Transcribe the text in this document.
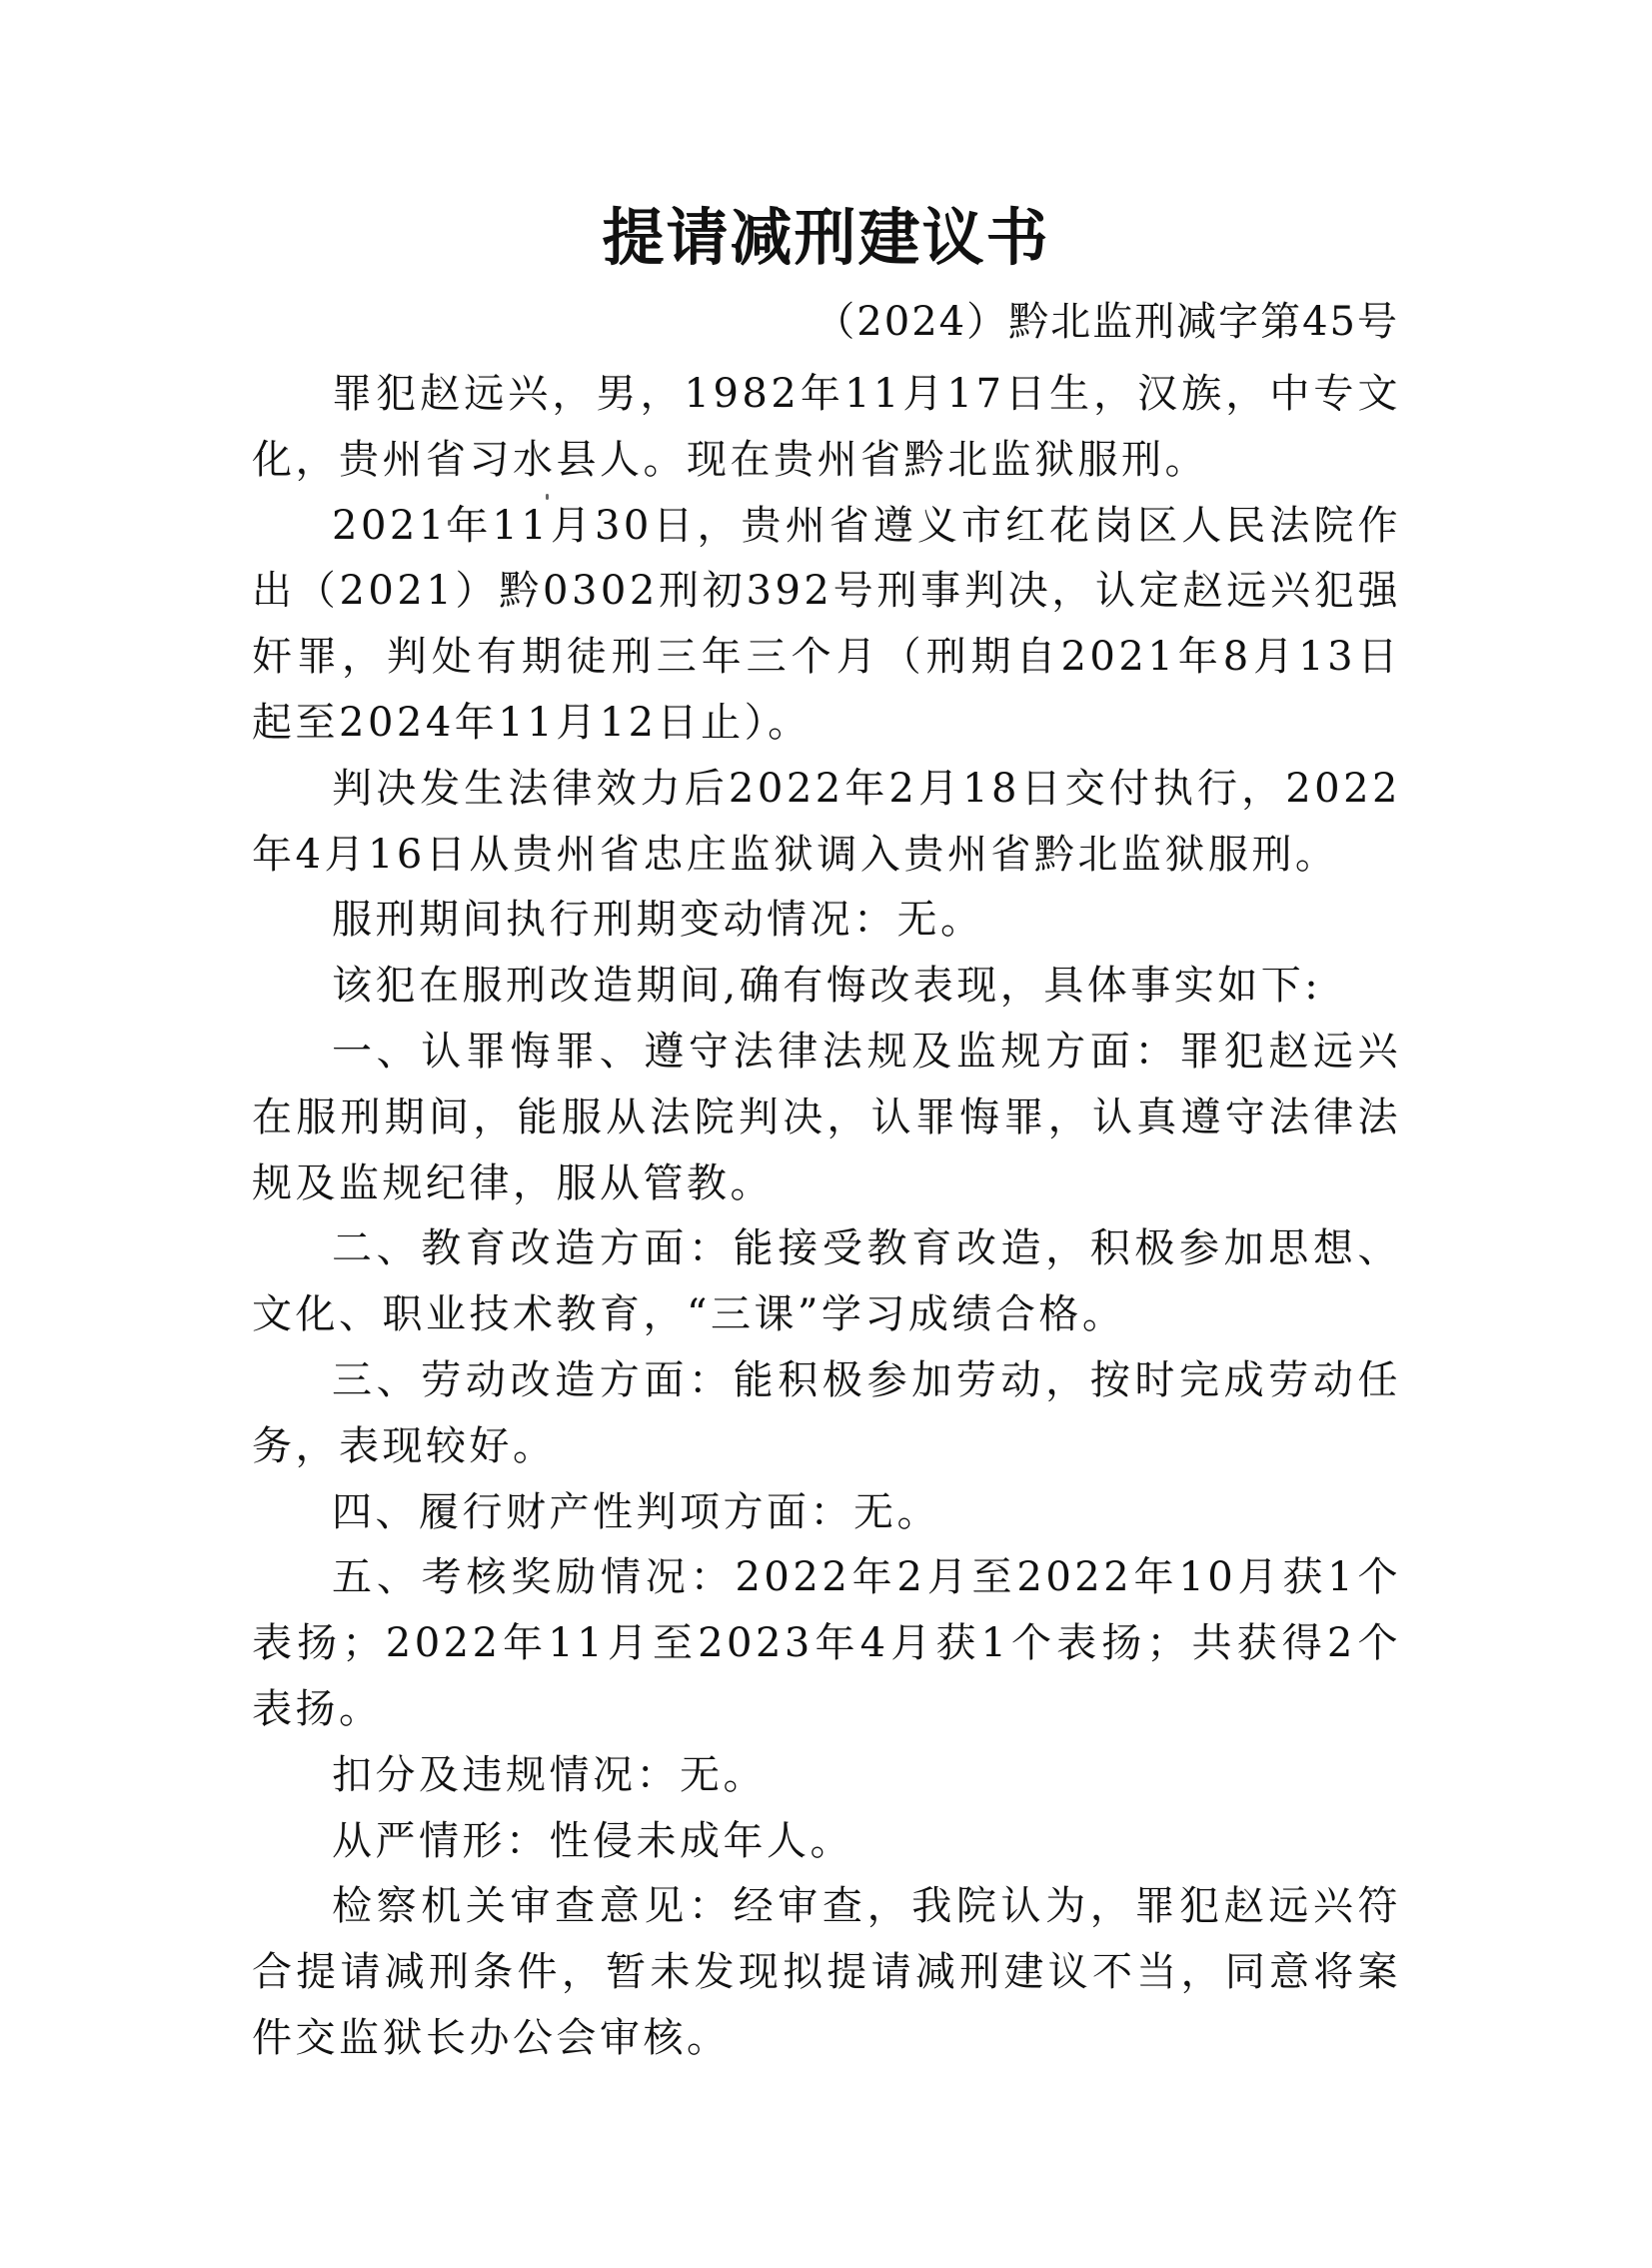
提请减刑建议书
（2024）黔北监刑减字第45号

罪犯赵远兴，男，1982年11月17日生，汉族，中专文化，贵州省习水县人。现在贵州省黔北监狱服刑。

2021年11月30日，贵州省遵义市红花岗区人民法院作出（2021）黔0302刑初392号刑事判决，认定赵远兴犯强奸罪，判处有期徒刑三年三个月（刑期自2021年8月13日起至2024年11月12日止）。

判决发生法律效力后2022年2月18日交付执行，2022年4月16日从贵州省忠庄监狱调入贵州省黔北监狱服刑。

服刑期间执行刑期变动情况：无。

该犯在服刑改造期间,确有悔改表现，具体事实如下:

一、认罪悔罪、遵守法律法规及监规方面：罪犯赵远兴在服刑期间，能服从法院判决，认罪悔罪，认真遵守法律法规及监规纪律，服从管教。

二、教育改造方面：能接受教育改造，积极参加思想、文化、职业技术教育，“三课”学习成绩合格。

三、劳动改造方面：能积极参加劳动，按时完成劳动任务，表现较好。

四、履行财产性判项方面：无。

五、考核奖励情况：2022年2月至2022年10月获1个表扬；2022年11月至2023年4月获1个表扬；共获得2个表扬。

扣分及违规情况：无。

从严情形：性侵未成年人。

检察机关审查意见：经审查，我院认为，罪犯赵远兴符合提请减刑条件，暂未发现拟提请减刑建议不当，同意将案件交监狱长办公会审核。
